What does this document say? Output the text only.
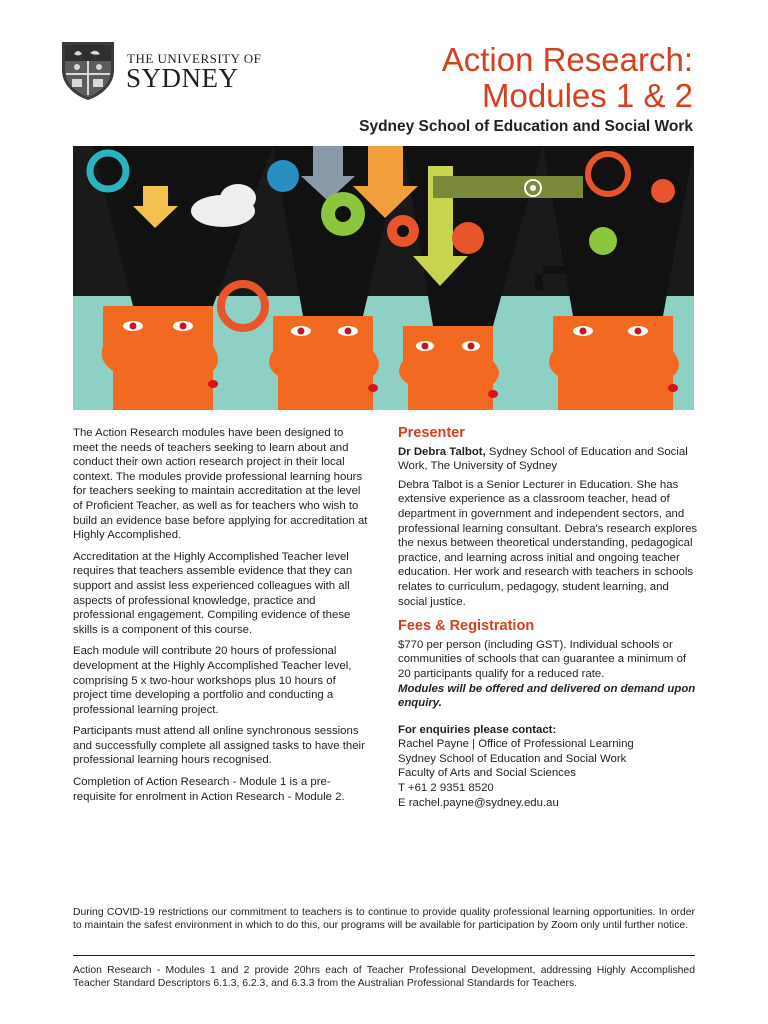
THE UNIVERSITY OF
SYDNEY	Action Research:
Modules 1 & 2
Sydney School of Education and Social Work

The Action Research modules have been designed to meet the needs of teachers seeking to learn about and conduct their own action research project in their local context. The modules provide professional learning hours for teachers seeking to maintain accreditation at the level of Proficient Teacher, as well as for teachers who wish to build an evidence base before applying for accreditation at Highly Accomplished.

Accreditation at the Highly Accomplished Teacher level requires that teachers assemble evidence that they can support and assist less experienced colleagues with all aspects of professional knowledge, practice and professional engagement. Compiling evidence of these skills is a component of this course.

Each module will contribute 20 hours of professional development at the Highly Accomplished Teacher level, comprising 5 x two-hour workshops plus 10 hours of project time developing a portfolio and conducting a professional learning project.

Participants must attend all online synchronous sessions and successfully complete all assigned tasks to have their professional learning hours recognised.

Completion of Action Research - Module 1 is a pre-requisite for enrolment in Action Research - Module 2.

Presenter

Dr Debra Talbot, Sydney School of Education and Social Work, The University of Sydney

Debra Talbot is a Senior Lecturer in Education. She has extensive experience as a classroom teacher, head of department in government and independent sectors, and professional learning consultant. Debra's research explores the nexus between theoretical understanding, pedagogical practice, and learning across initial and ongoing teacher education. Her work and research with teachers in schools relates to curriculum, pedagogy, student learning, and social justice.

Fees & Registration

$770 per person (including GST). Individual schools or communities of schools that can guarantee a minimum of 20 participants qualify for a reduced rate.

Modules will be offered and delivered on demand upon enquiry.

For enquiries please contact:

Rachel Payne | Office of Professional Learning

Sydney School of Education and Social Work

Faculty of Arts and Social Sciences

T +61 2 9351 8520

E rachel.payne@sydney.edu.au

During COVID-19 restrictions our commitment to teachers is to continue to provide quality professional learning opportunities. In order to maintain the safest environment in which to do this, our programs will be available for participation by Zoom only until further notice.
Action Research - Modules 1 and 2 provide 20hrs each of Teacher Professional Development, addressing Highly Accomplished Teacher Standard Descriptors 6.1.3, 6.2.3, and 6.3.3 from the Australian Professional Standards for Teachers.
